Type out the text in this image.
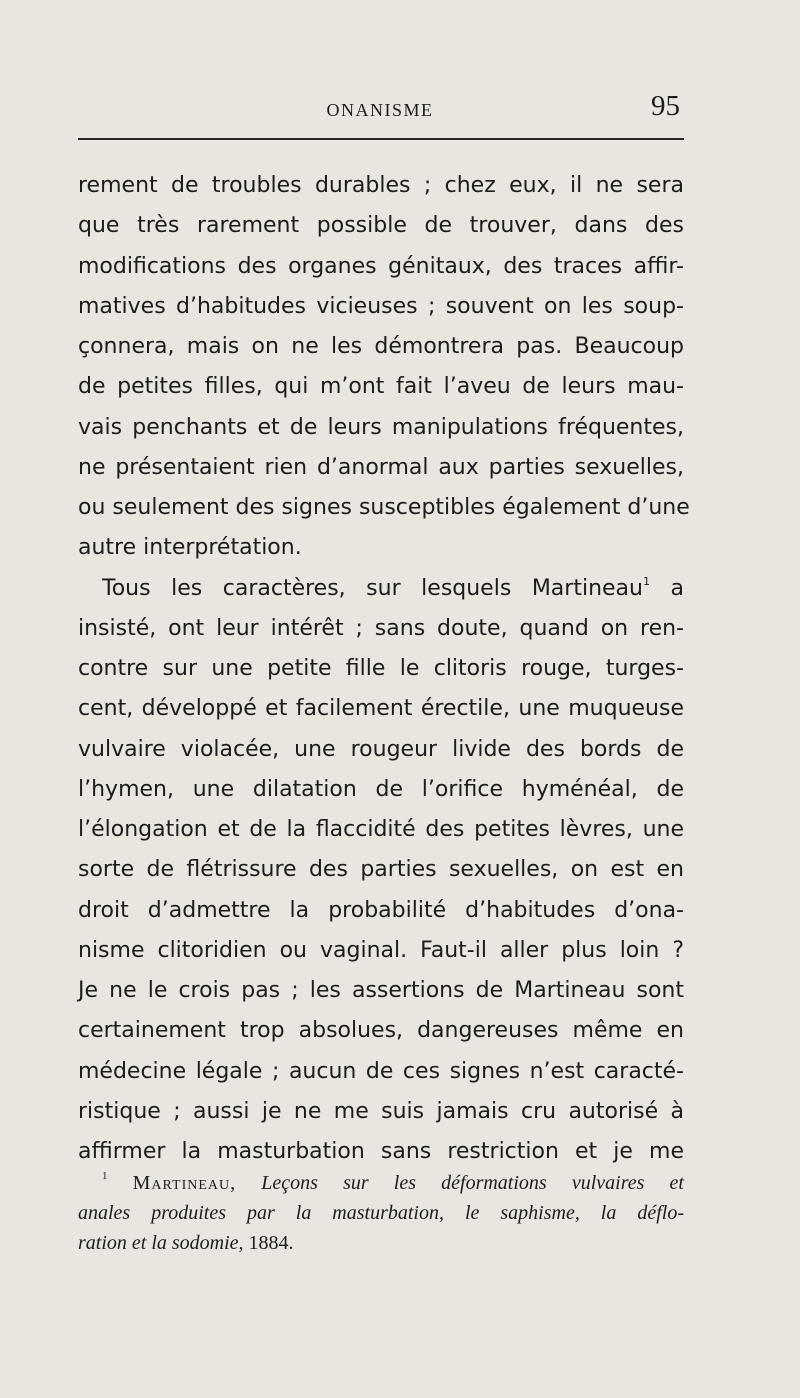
ONANISME	95
rement de troubles durables ; chez eux, il ne sera
que très rarement possible de trouver, dans des
modifications des organes génitaux, des traces affir-
matives d’habitudes vicieuses ; souvent on les soup-
çonnera, mais on ne les démontrera pas. Beaucoup
de petites filles, qui m’ont fait l’aveu de leurs mau-
vais penchants et de leurs manipulations fréquentes,
ne présentaient rien d’anormal aux parties sexuelles,
ou seulement des signes susceptibles également d’une
autre interprétation.
Tous les caractères, sur lesquels Martineau$^1$ a
insisté, ont leur intérêt ; sans doute, quand on ren-
contre sur une petite fille le clitoris rouge, turges-
cent, développé et facilement érectile, une muqueuse
vulvaire violacée, une rougeur livide des bords de
l’hymen, une dilatation de l’orifice hyménéal, de
l’élongation et de la flaccidité des petites lèvres, une
sorte de flétrissure des parties sexuelles, on est en
droit d’admettre la probabilité d’habitudes d’ona-
nisme clitoridien ou vaginal. Faut-il aller plus loin ?
Je ne le crois pas ; les assertions de Martineau sont
certainement trop absolues, dangereuses même en
médecine légale ; aucun de ces signes n’est caracté-
ristique ; aussi je ne me suis jamais cru autorisé à
affirmer la masturbation sans restriction et je me
$^1$ Martineau, Leçons sur les déformations vulvaires et
anales produites par la masturbation, le saphisme, la déflo-
ration et la sodomie, 1884.
